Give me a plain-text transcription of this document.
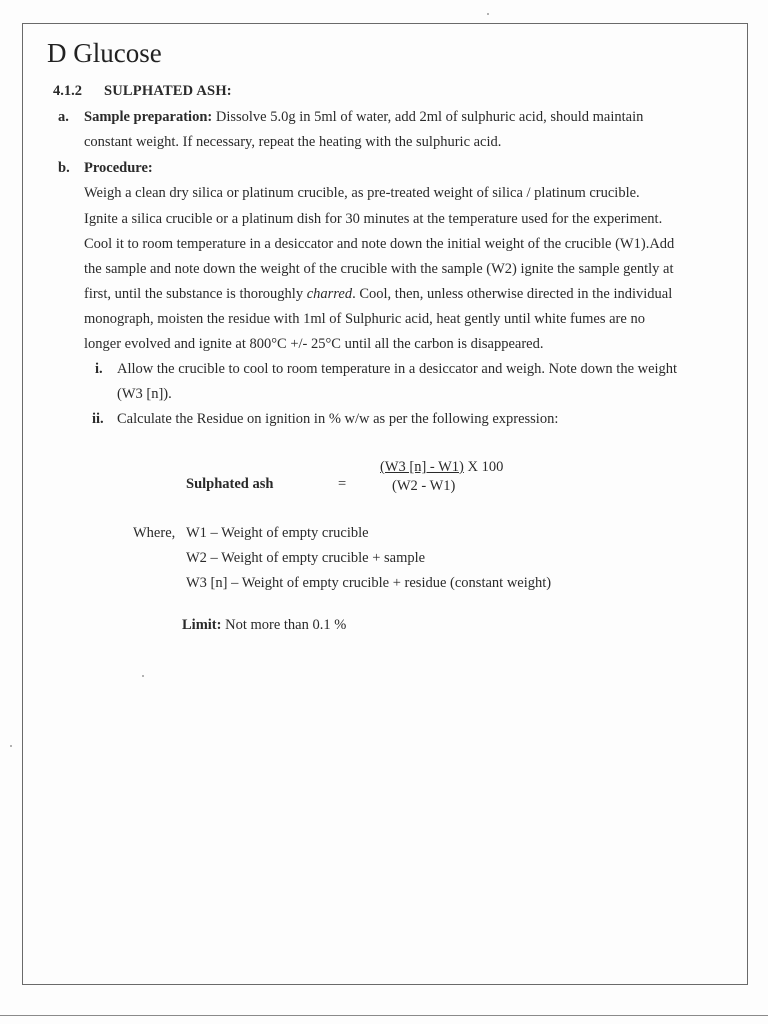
D Glucose
4.1.2 SULPHATED ASH:
a. Sample preparation: Dissolve 5.0g in 5ml of water, add 2ml of sulphuric acid, should maintain
constant weight. If necessary, repeat the heating with the sulphuric acid.
b. Procedure:
Weigh a clean dry silica or platinum crucible, as pre-treated weight of silica / platinum crucible.
Ignite a silica crucible or a platinum dish for 30 minutes at the temperature used for the experiment.
Cool it to room temperature in a desiccator and note down the initial weight of the crucible (W1).Add
the sample and note down the weight of the crucible with the sample (W2) ignite the sample gently at
first, until the substance is thoroughly charred. Cool, then, unless otherwise directed in the individual
monograph, moisten the residue with 1ml of Sulphuric acid, heat gently until white fumes are no
longer evolved and ignite at 800°C +/- 25°C until all the carbon is disappeared.
i. Allow the crucible to cool to room temperature in a desiccator and weigh. Note down the weight
(W3 [n]).
ii. Calculate the Residue on ignition in % w/w as per the following expression:
Sulphated ash	=
(W3 [n] - W1) X 100
(W2 - W1)
Where, W1 – Weight of empty crucible
W2 – Weight of empty crucible + sample
W3 [n] – Weight of empty crucible + residue (constant weight)
Limit: Not more than 0.1 %
